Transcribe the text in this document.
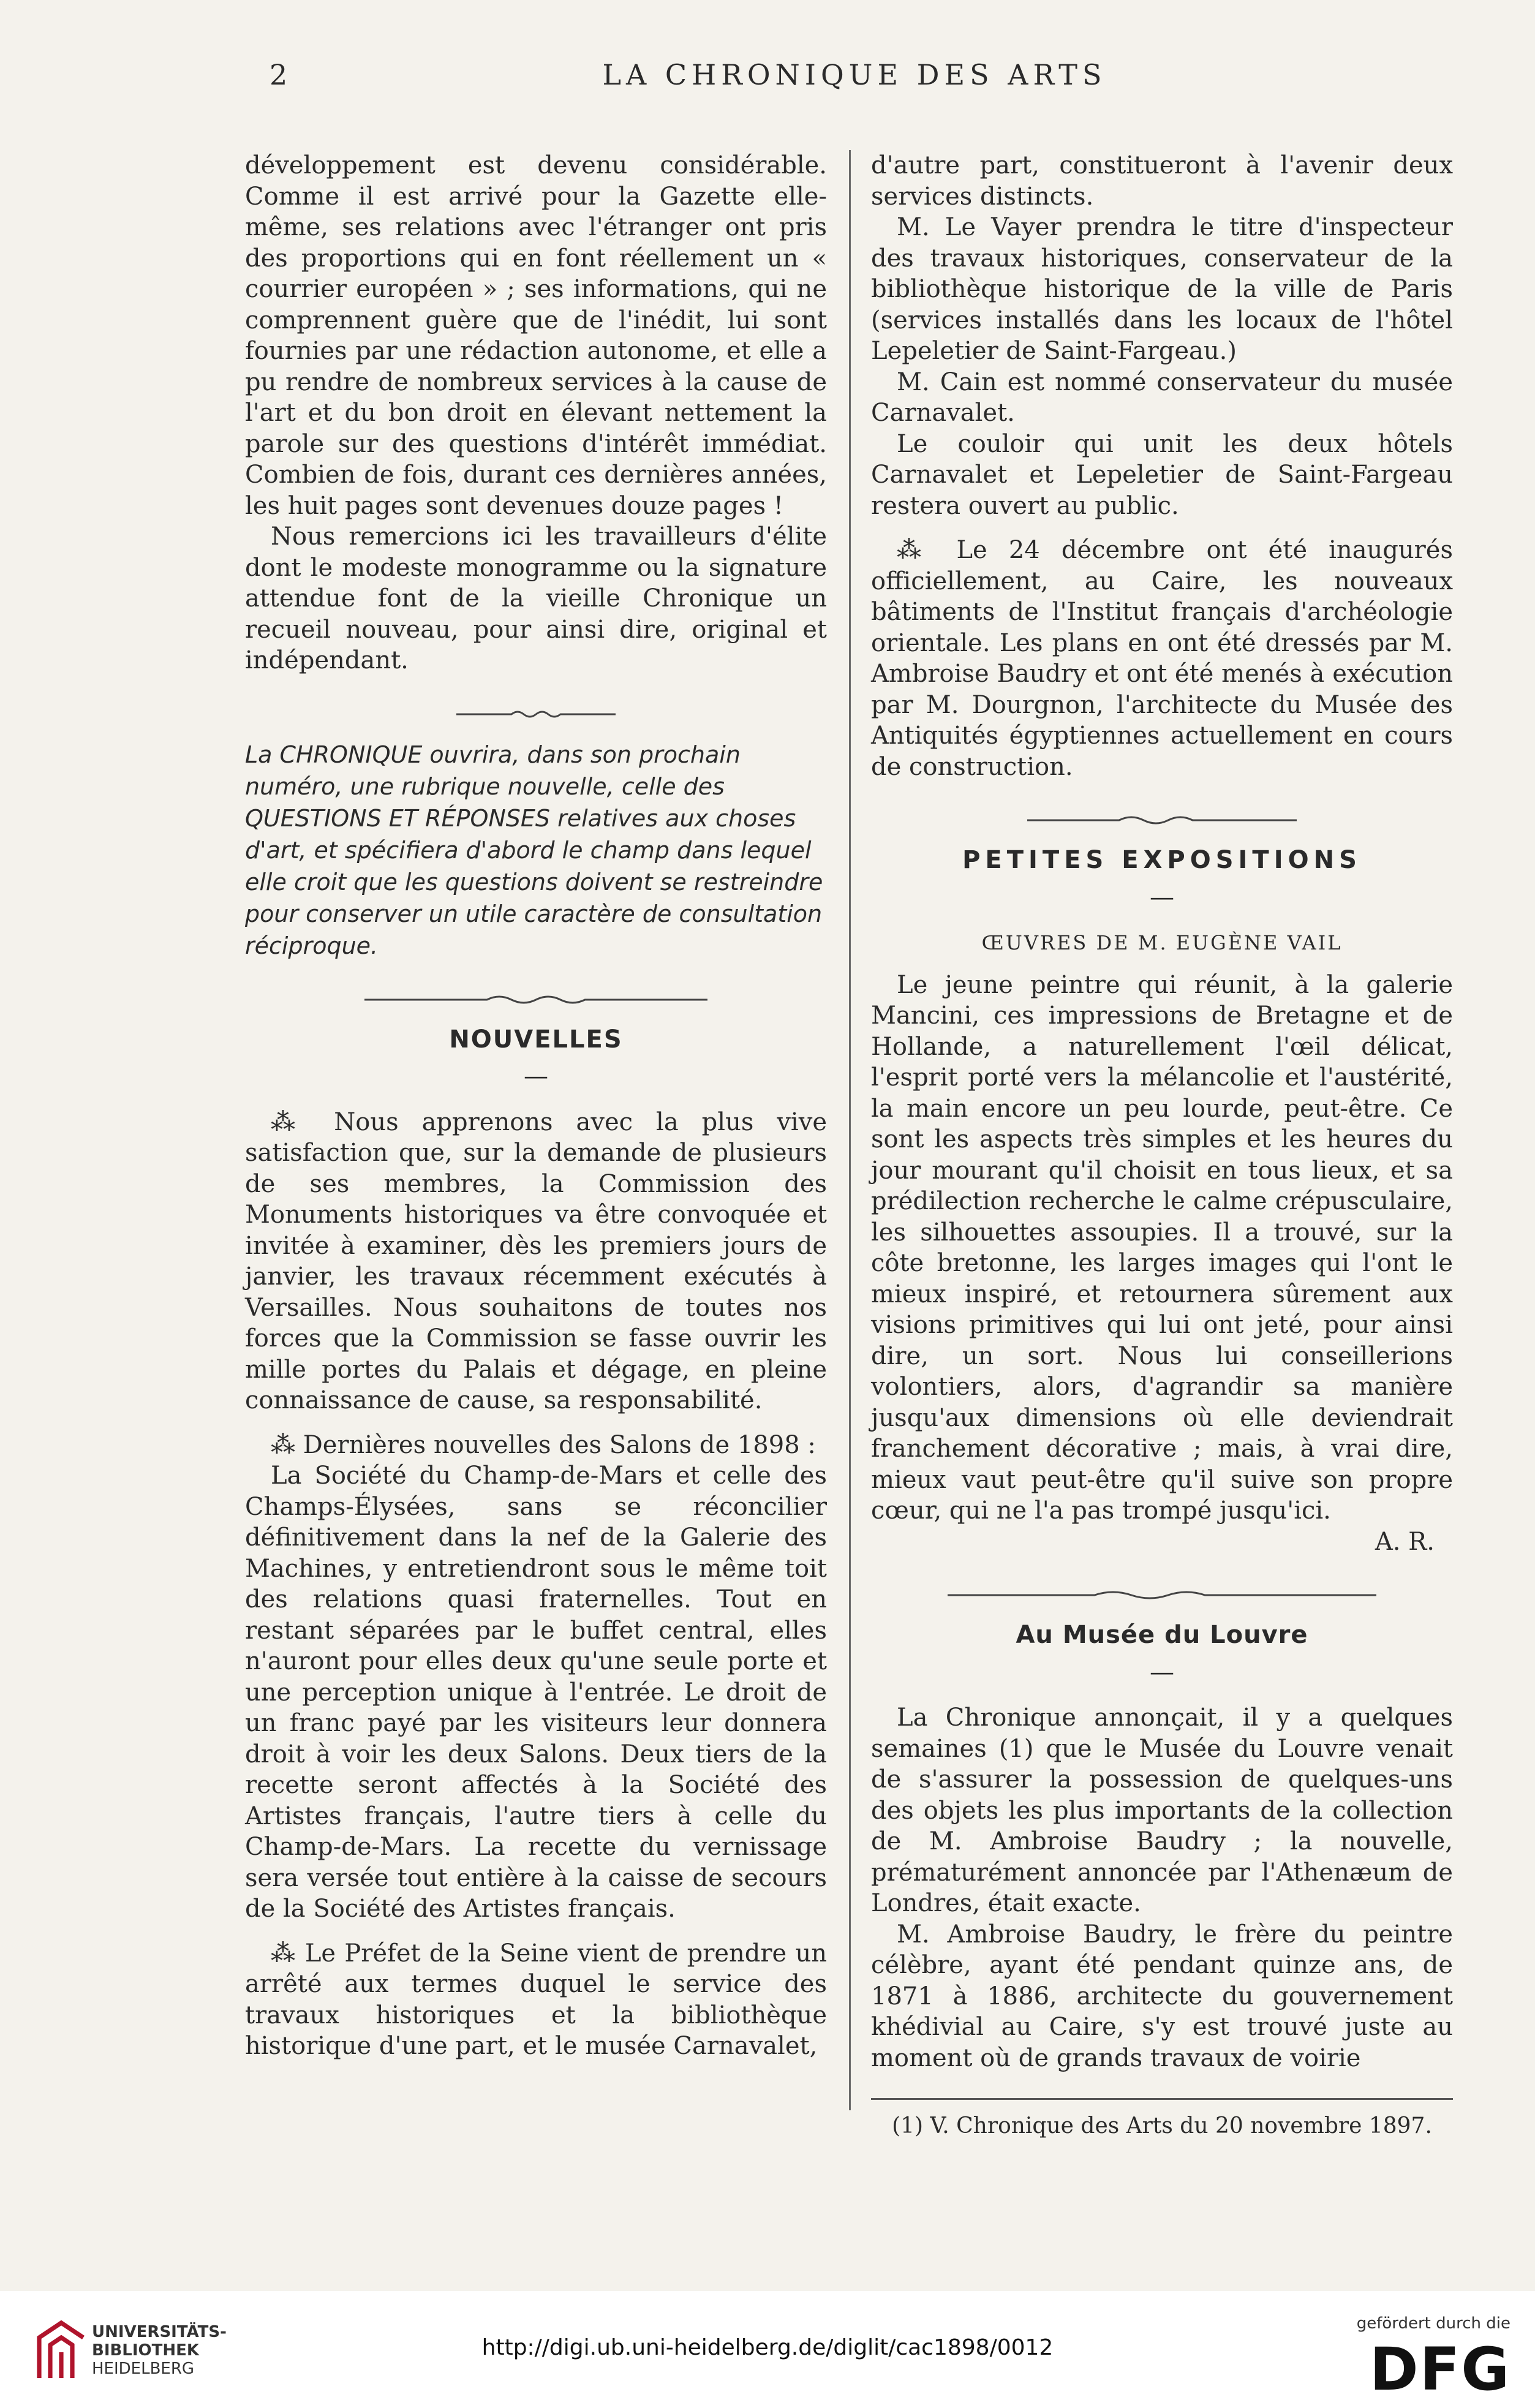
2	LA CHRONIQUE DES ARTS

développement est devenu considérable. Comme il est arrivé pour la Gazette elle-même, ses relations avec l'étranger ont pris des proportions qui en font réellement un « courrier européen » ; ses informations, qui ne comprennent guère que de l'inédit, lui sont fournies par une rédaction autonome, et elle a pu rendre de nombreux services à la cause de l'art et du bon droit en élevant nettement la parole sur des questions d'intérêt immédiat. Combien de fois, durant ces dernières années, les huit pages sont devenues douze pages !

Nous remercions ici les travailleurs d'élite dont le modeste monogramme ou la signature attendue font de la vieille Chronique un recueil nouveau, pour ainsi dire, original et indépendant.

La CHRONIQUE ouvrira, dans son prochain numéro, une rubrique nouvelle, celle des QUESTIONS ET RÉPONSES relatives aux choses d'art, et spécifiera d'abord le champ dans lequel elle croit que les questions doivent se restreindre pour conserver un utile caractère de consultation réciproque.

NOUVELLES
—

⁂ Nous apprenons avec la plus vive satisfaction que, sur la demande de plusieurs de ses membres, la Commission des Monuments historiques va être convoquée et invitée à examiner, dès les premiers jours de janvier, les travaux récemment exécutés à Versailles. Nous souhaitons de toutes nos forces que la Commission se fasse ouvrir les mille portes du Palais et dégage, en pleine connaissance de cause, sa responsabilité.

⁂ Dernières nouvelles des Salons de 1898 :

La Société du Champ-de-Mars et celle des Champs-Élysées, sans se réconcilier définitivement dans la nef de la Galerie des Machines, y entretiendront sous le même toit des relations quasi fraternelles. Tout en restant séparées par le buffet central, elles n'auront pour elles deux qu'une seule porte et une perception unique à l'entrée. Le droit de un franc payé par les visiteurs leur donnera droit à voir les deux Salons. Deux tiers de la recette seront affectés à la Société des Artistes français, l'autre tiers à celle du Champ-de-Mars. La recette du vernissage sera versée tout entière à la caisse de secours de la Société des Artistes français.

⁂ Le Préfet de la Seine vient de prendre un arrêté aux termes duquel le service des travaux historiques et la bibliothèque historique d'une part, et le musée Carnavalet,

d'autre part, constitueront à l'avenir deux services distincts.

M. Le Vayer prendra le titre d'inspecteur des travaux historiques, conservateur de la bibliothèque historique de la ville de Paris (services installés dans les locaux de l'hôtel Lepeletier de Saint-Fargeau.)

M. Cain est nommé conservateur du musée Carnavalet.

Le couloir qui unit les deux hôtels Carnavalet et Lepeletier de Saint-Fargeau restera ouvert au public.

⁂ Le 24 décembre ont été inaugurés officiellement, au Caire, les nouveaux bâtiments de l'Institut français d'archéologie orientale. Les plans en ont été dressés par M. Ambroise Baudry et ont été menés à exécution par M. Dourgnon, l'architecte du Musée des Antiquités égyptiennes actuellement en cours de construction.

PETITES EXPOSITIONS
—
ŒUVRES DE M. EUGÈNE VAIL

Le jeune peintre qui réunit, à la galerie Mancini, ces impressions de Bretagne et de Hollande, a naturellement l'œil délicat, l'esprit porté vers la mélancolie et l'austérité, la main encore un peu lourde, peut-être. Ce sont les aspects très simples et les heures du jour mourant qu'il choisit en tous lieux, et sa prédilection recherche le calme crépusculaire, les silhouettes assoupies. Il a trouvé, sur la côte bretonne, les larges images qui l'ont le mieux inspiré, et retournera sûrement aux visions primitives qui lui ont jeté, pour ainsi dire, un sort. Nous lui conseillerions volontiers, alors, d'agrandir sa manière jusqu'aux dimensions où elle deviendrait franchement décorative ; mais, à vrai dire, mieux vaut peut-être qu'il suive son propre cœur, qui ne l'a pas trompé jusqu'ici.

A. R.

Au Musée du Louvre
—

La Chronique annonçait, il y a quelques semaines (1) que le Musée du Louvre venait de s'assurer la possession de quelques-uns des objets les plus importants de la collection de M. Ambroise Baudry ; la nouvelle, prématurément annoncée par l'Athenæum de Londres, était exacte.

M. Ambroise Baudry, le frère du peintre célèbre, ayant été pendant quinze ans, de 1871 à 1886, architecte du gouvernement khédivial au Caire, s'y est trouvé juste au moment où de grands travaux de voirie

(1) V. Chronique des Arts du 20 novembre 1897.

UNIVERSITÄTS-
BIBLIOTHEK
HEIDELBERG
http://digi.ub.uni-heidelberg.de/diglit/cac1898/0012
gefördert durch die
DFG
